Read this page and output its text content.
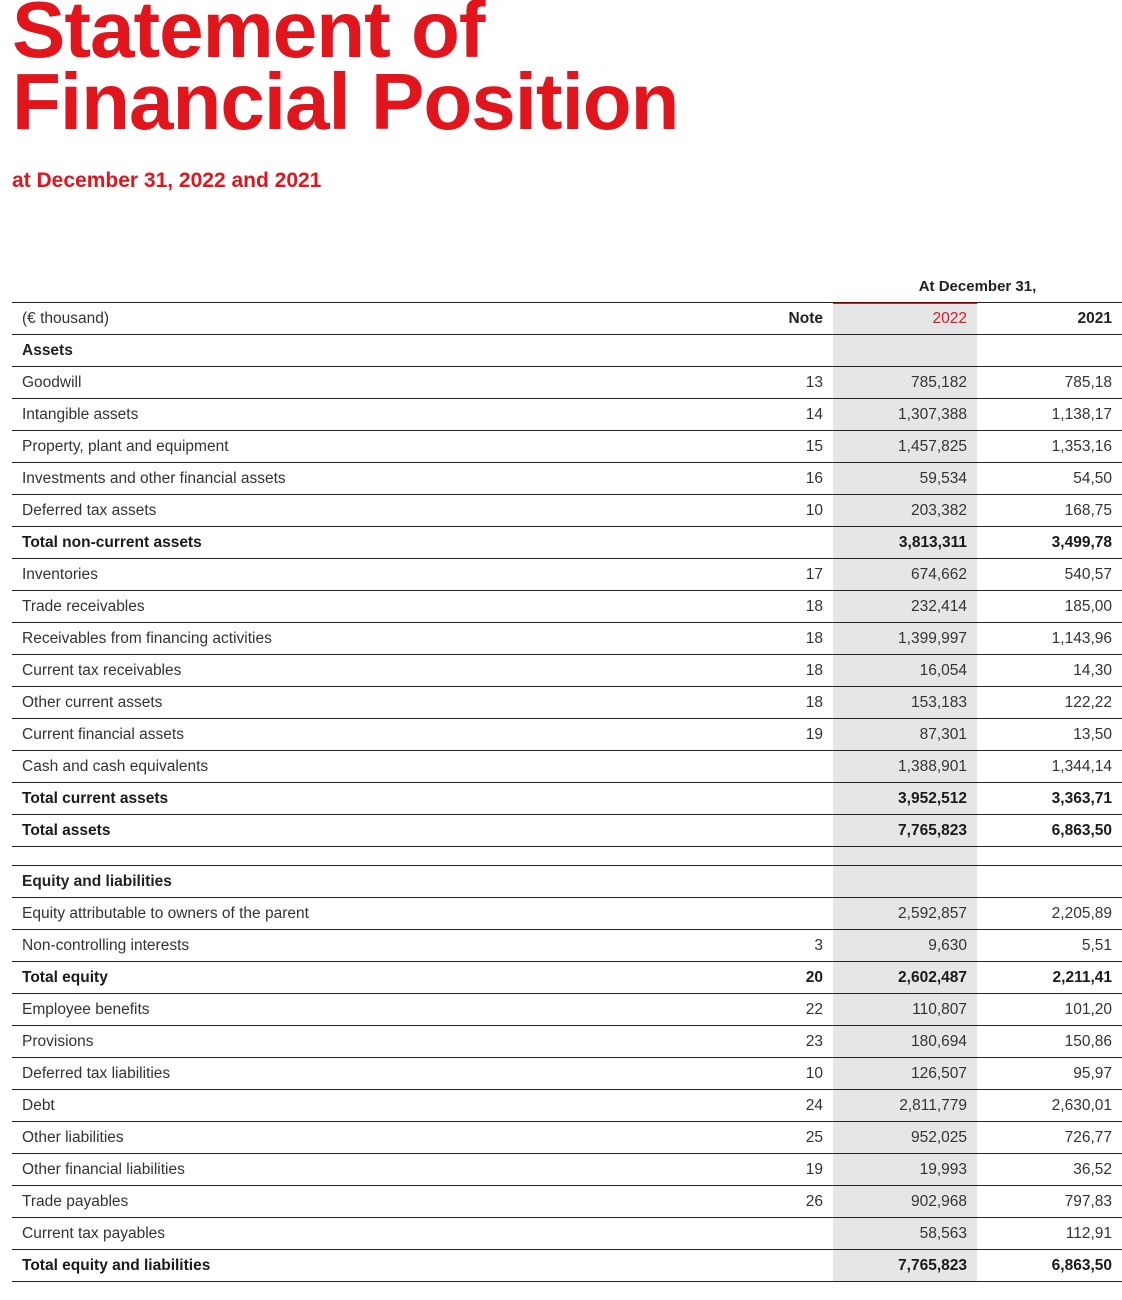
Statement of
Financial Position

at December 31, 2022 and 2021

		At December 31,	
(€ thousand)	Note	2022	2021
Assets			
Goodwill	13	785,182	785,18
Intangible assets	14	1,307,388	1,138,17
Property, plant and equipment	15	1,457,825	1,353,16
Investments and other financial assets	16	59,534	54,50
Deferred tax assets	10	203,382	168,75
Total non-current assets		3,813,311	3,499,78
Inventories	17	674,662	540,57
Trade receivables	18	232,414	185,00
Receivables from financing activities	18	1,399,997	1,143,96
Current tax receivables	18	16,054	14,30
Other current assets	18	153,183	122,22
Current financial assets	19	87,301	13,50
Cash and cash equivalents		1,388,901	1,344,14
Total current assets		3,952,512	3,363,71
Total assets		7,765,823	6,863,50

Equity and liabilities			
Equity attributable to owners of the parent		2,592,857	2,205,89
Non-controlling interests	3	9,630	5,51
Total equity	20	2,602,487	2,211,41
Employee benefits	22	110,807	101,20
Provisions	23	180,694	150,86
Deferred tax liabilities	10	126,507	95,97
Debt	24	2,811,779	2,630,01
Other liabilities	25	952,025	726,77
Other financial liabilities	19	19,993	36,52
Trade payables	26	902,968	797,83
Current tax payables		58,563	112,91
Total equity and liabilities		7,765,823	6,863,50
